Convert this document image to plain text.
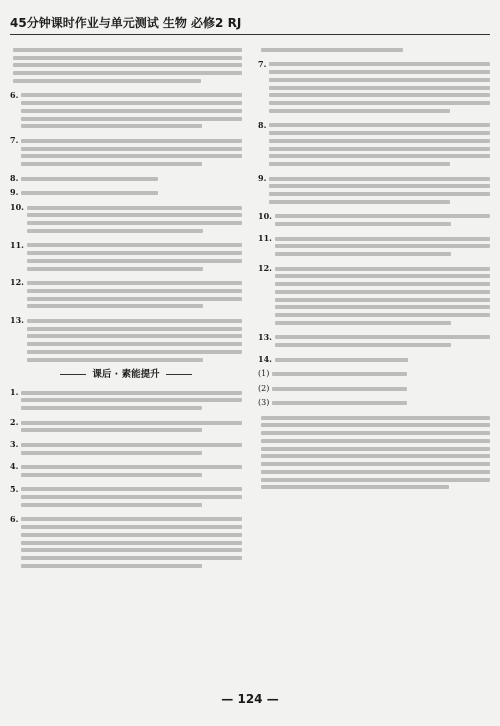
45分钟课时作业与单元测试 生物 必修2 RJ
6.
7.
8.
9.
10.
11.
12.
13.
课后 · 素能提升
1.
2.
3.
4.
5.
6.
7.
8.
9.
10.
11.
12.
13.
14.
(1)
(2)
(3)
— 124 —
